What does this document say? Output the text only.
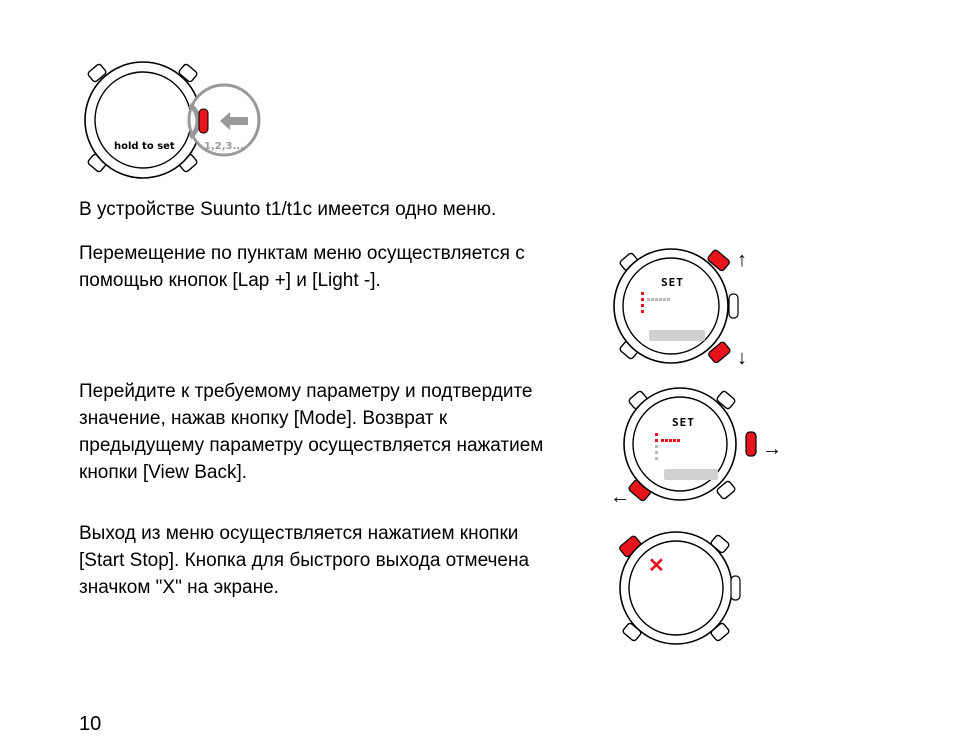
1,2,3...
hold to set

В устройстве Suunto t1/t1c имеется одно меню.

Перемещение по пунктам меню осуществляется с
помощью кнопок [Lap +] и [Light -].	SET
↑
↓

Перейдите к требуемому параметру и подтвердите
значение, нажав кнопку [Mode]. Возврат к
предыдущему параметру осуществляется нажатием
кнопки [View Back].

SET
→
←

Выход из меню осуществляется нажатием кнопки
[Start Stop]. Кнопка для быстрого выхода отмечена
значком "X" на экране.

✕
10
